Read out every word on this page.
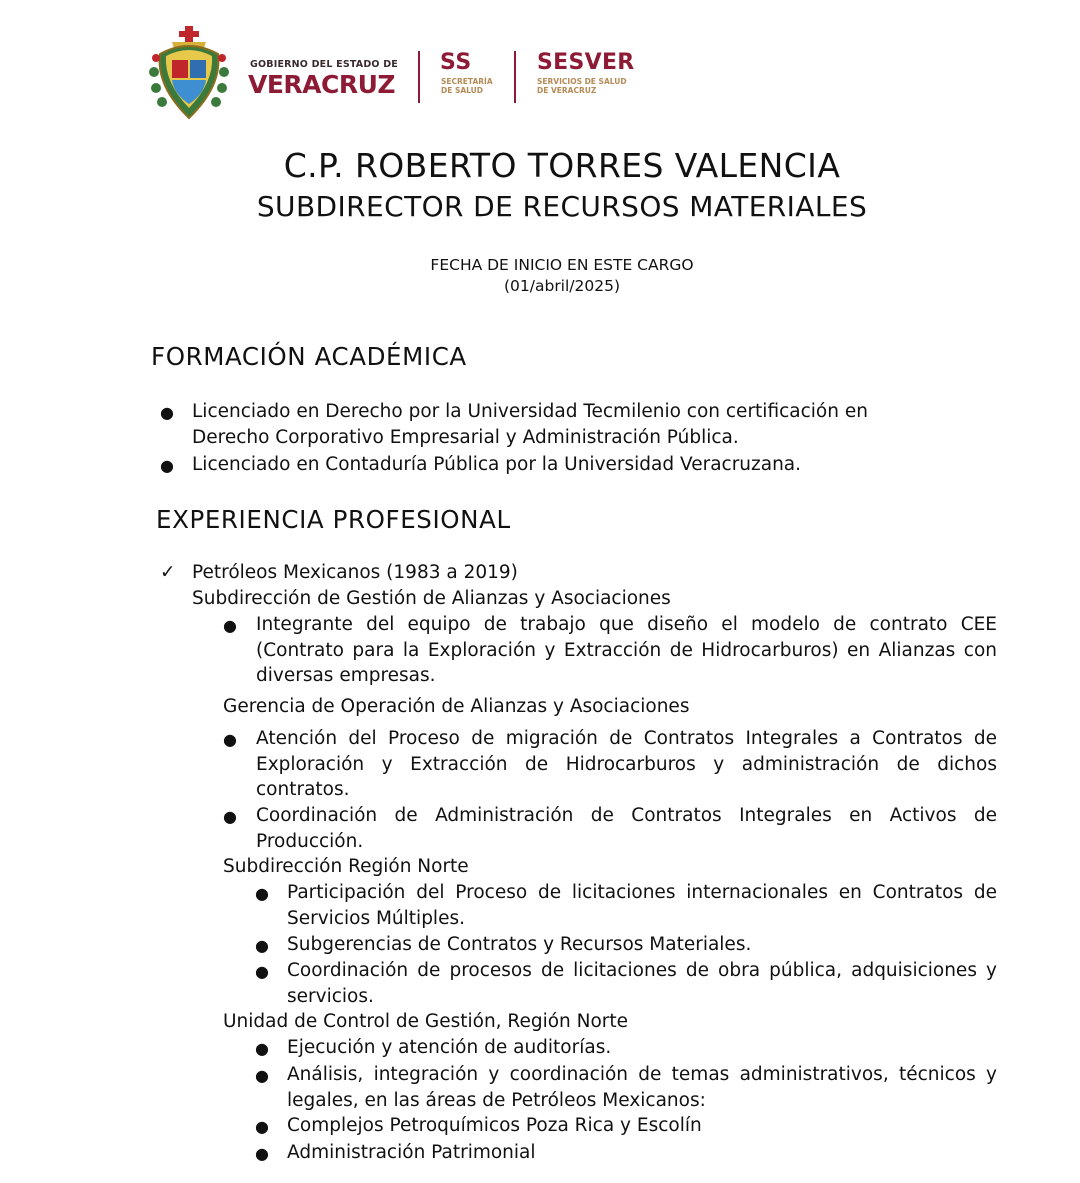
GOBIERNO DEL ESTADO DE
VERACRUZ
SS
SECRETARÍA
DE SALUD
SESVER
SERVICIOS DE SALUD
DE VERACRUZ
C.P. ROBERTO TORRES VALENCIA
SUBDIRECTOR DE RECURSOS MATERIALES
FECHA DE INICIO EN ESTE CARGO
(01/abril/2025)
FORMACIÓN ACADÉMICA
● Licenciado en Derecho por la Universidad Tecmilenio con certificación en
Derecho Corporativo Empresarial y Administración Pública.
● Licenciado en Contaduría Pública por la Universidad Veracruzana.
EXPERIENCIA PROFESIONAL
✓ Petróleos Mexicanos (1983 a 2019)
Subdirección de Gestión de Alianzas y Asociaciones
● Integrante del equipo de trabajo que diseño el modelo de contrato CEE (Contrato para la Exploración y Extracción de Hidrocarburos) en Alianzas con diversas empresas.
Gerencia de Operación de Alianzas y Asociaciones
● Atención del Proceso de migración de Contratos Integrales a Contratos de Exploración y Extracción de Hidrocarburos y administración de dichos contratos.
● Coordinación de Administración de Contratos Integrales en Activos de Producción.
Subdirección Región Norte
● Participación del Proceso de licitaciones internacionales en Contratos de Servicios Múltiples.
● Subgerencias de Contratos y Recursos Materiales.
● Coordinación de procesos de licitaciones de obra pública, adquisiciones y servicios.
Unidad de Control de Gestión, Región Norte
● Ejecución y atención de auditorías.
● Análisis, integración y coordinación de temas administrativos, técnicos y legales, en las áreas de Petróleos Mexicanos:
● Complejos Petroquímicos Poza Rica y Escolín
● Administración Patrimonial
